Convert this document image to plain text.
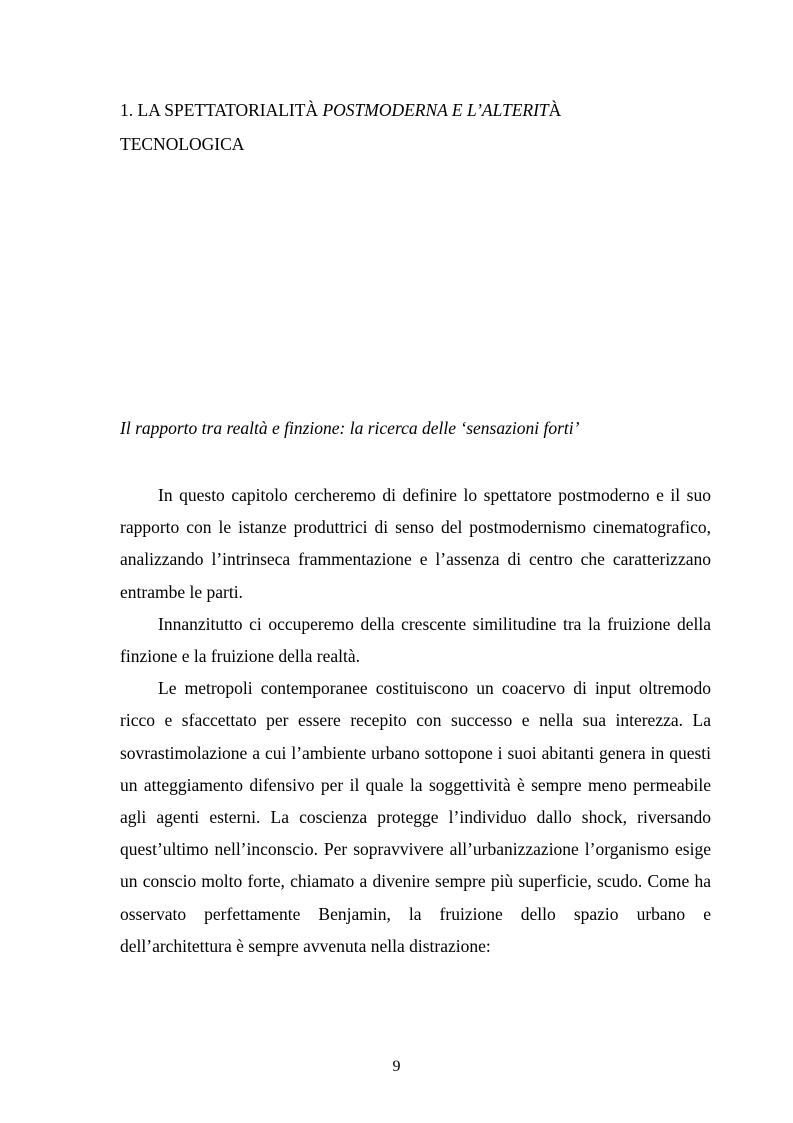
1. LA SPETTATORIALITÀ POSTMODERNA E L’ALTERITÀ
TECNOLOGICA
Il rapporto tra realtà e finzione: la ricerca delle ‘sensazioni forti’

In questo capitolo cercheremo di definire lo spettatore postmoderno e il suo rapporto con le istanze produttrici di senso del postmodernismo cinematografico, analizzando l’intrinseca frammentazione e l’assenza di centro che caratterizzano entrambe le parti.

Innanzitutto ci occuperemo della crescente similitudine tra la fruizione della finzione e la fruizione della realtà.

Le metropoli contemporanee costituiscono un coacervo di input oltremodo ricco e sfaccettato per essere recepito con successo e nella sua interezza. La sovrastimolazione a cui l’ambiente urbano sottopone i suoi abitanti genera in questi un atteggiamento difensivo per il quale la soggettività è sempre meno permeabile agli agenti esterni. La coscienza protegge l’individuo dallo shock, riversando quest’ultimo nell’inconscio. Per sopravvivere all’urbanizzazione l’organismo esige un conscio molto forte, chiamato a divenire sempre più superficie, scudo. Come ha osservato perfettamente Benjamin, la fruizione dello spazio urbano e dell’architettura è sempre avvenuta nella distrazione:

9
